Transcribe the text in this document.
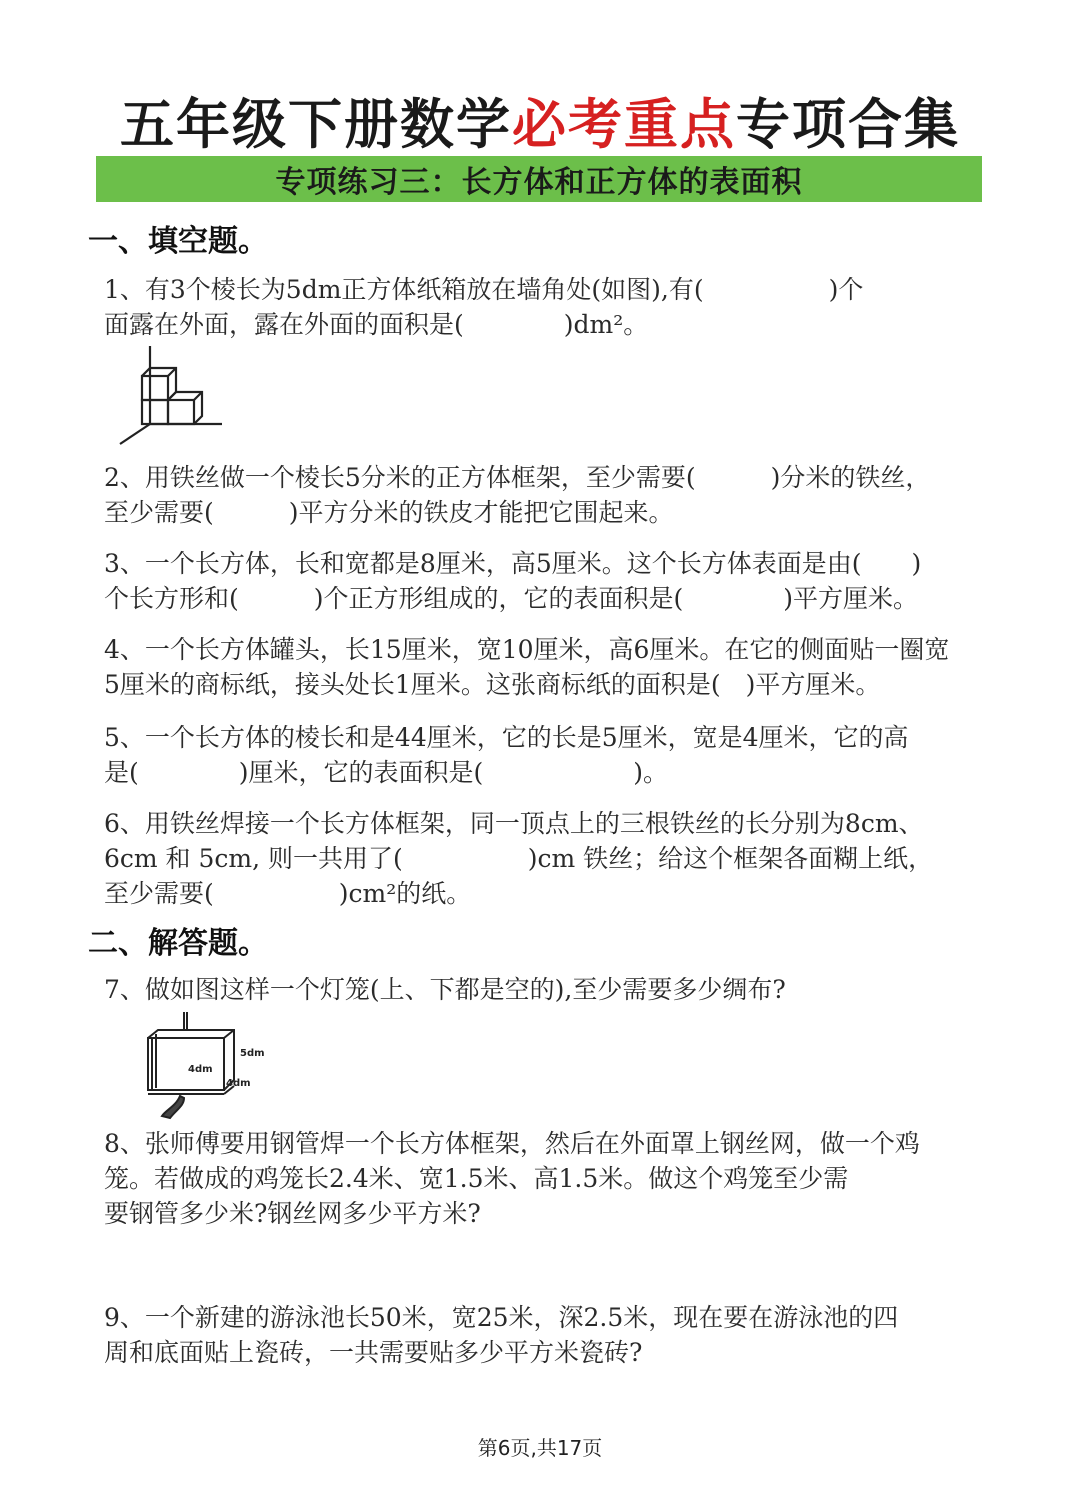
五年级下册数学必考重点专项合集
专项练习三：长方体和正方体的表面积
一、填空题。

1、有3个棱长为5dm正方体纸箱放在墙角处(如图),有(　　　　　)个

面露在外面，露在外面的面积是(　　　　)dm²。

2、用铁丝做一个棱长5分米的正方体框架，至少需要(　　　)分米的铁丝，

至少需要(　　　)平方分米的铁皮才能把它围起来。

3、一个长方体，长和宽都是8厘米，高5厘米。这个长方体表面是由(　　)

个长方形和(　　　)个正方形组成的，它的表面积是(　　　　)平方厘米。

4、一个长方体罐头，长15厘米，宽10厘米，高6厘米。在它的侧面贴一圈宽

5厘米的商标纸，接头处长1厘米。这张商标纸的面积是(　)平方厘米。

5、一个长方体的棱长和是44厘米，它的长是5厘米，宽是4厘米，它的高

是(　　　　)厘米，它的表面积是(　　　　　　)。

6、用铁丝焊接一个长方体框架，同一顶点上的三根铁丝的长分别为8cm、

6cm 和 5cm, 则一共用了(　　　　　)cm 铁丝；给这个框架各面糊上纸，

至少需要(　　　　　)cm²的纸。

二、解答题。

7、做如图这样一个灯笼(上、下都是空的),至少需要多少绸布?

5dm
4dm
4dm

8、张师傅要用钢管焊一个长方体框架，然后在外面罩上钢丝网，做一个鸡

笼。若做成的鸡笼长2.4米、宽1.5米、高1.5米。做这个鸡笼至少需

要钢管多少米?钢丝网多少平方米?

9、一个新建的游泳池长50米，宽25米，深2.5米，现在要在游泳池的四

周和底面贴上瓷砖，一共需要贴多少平方米瓷砖?

第6页,共17页
